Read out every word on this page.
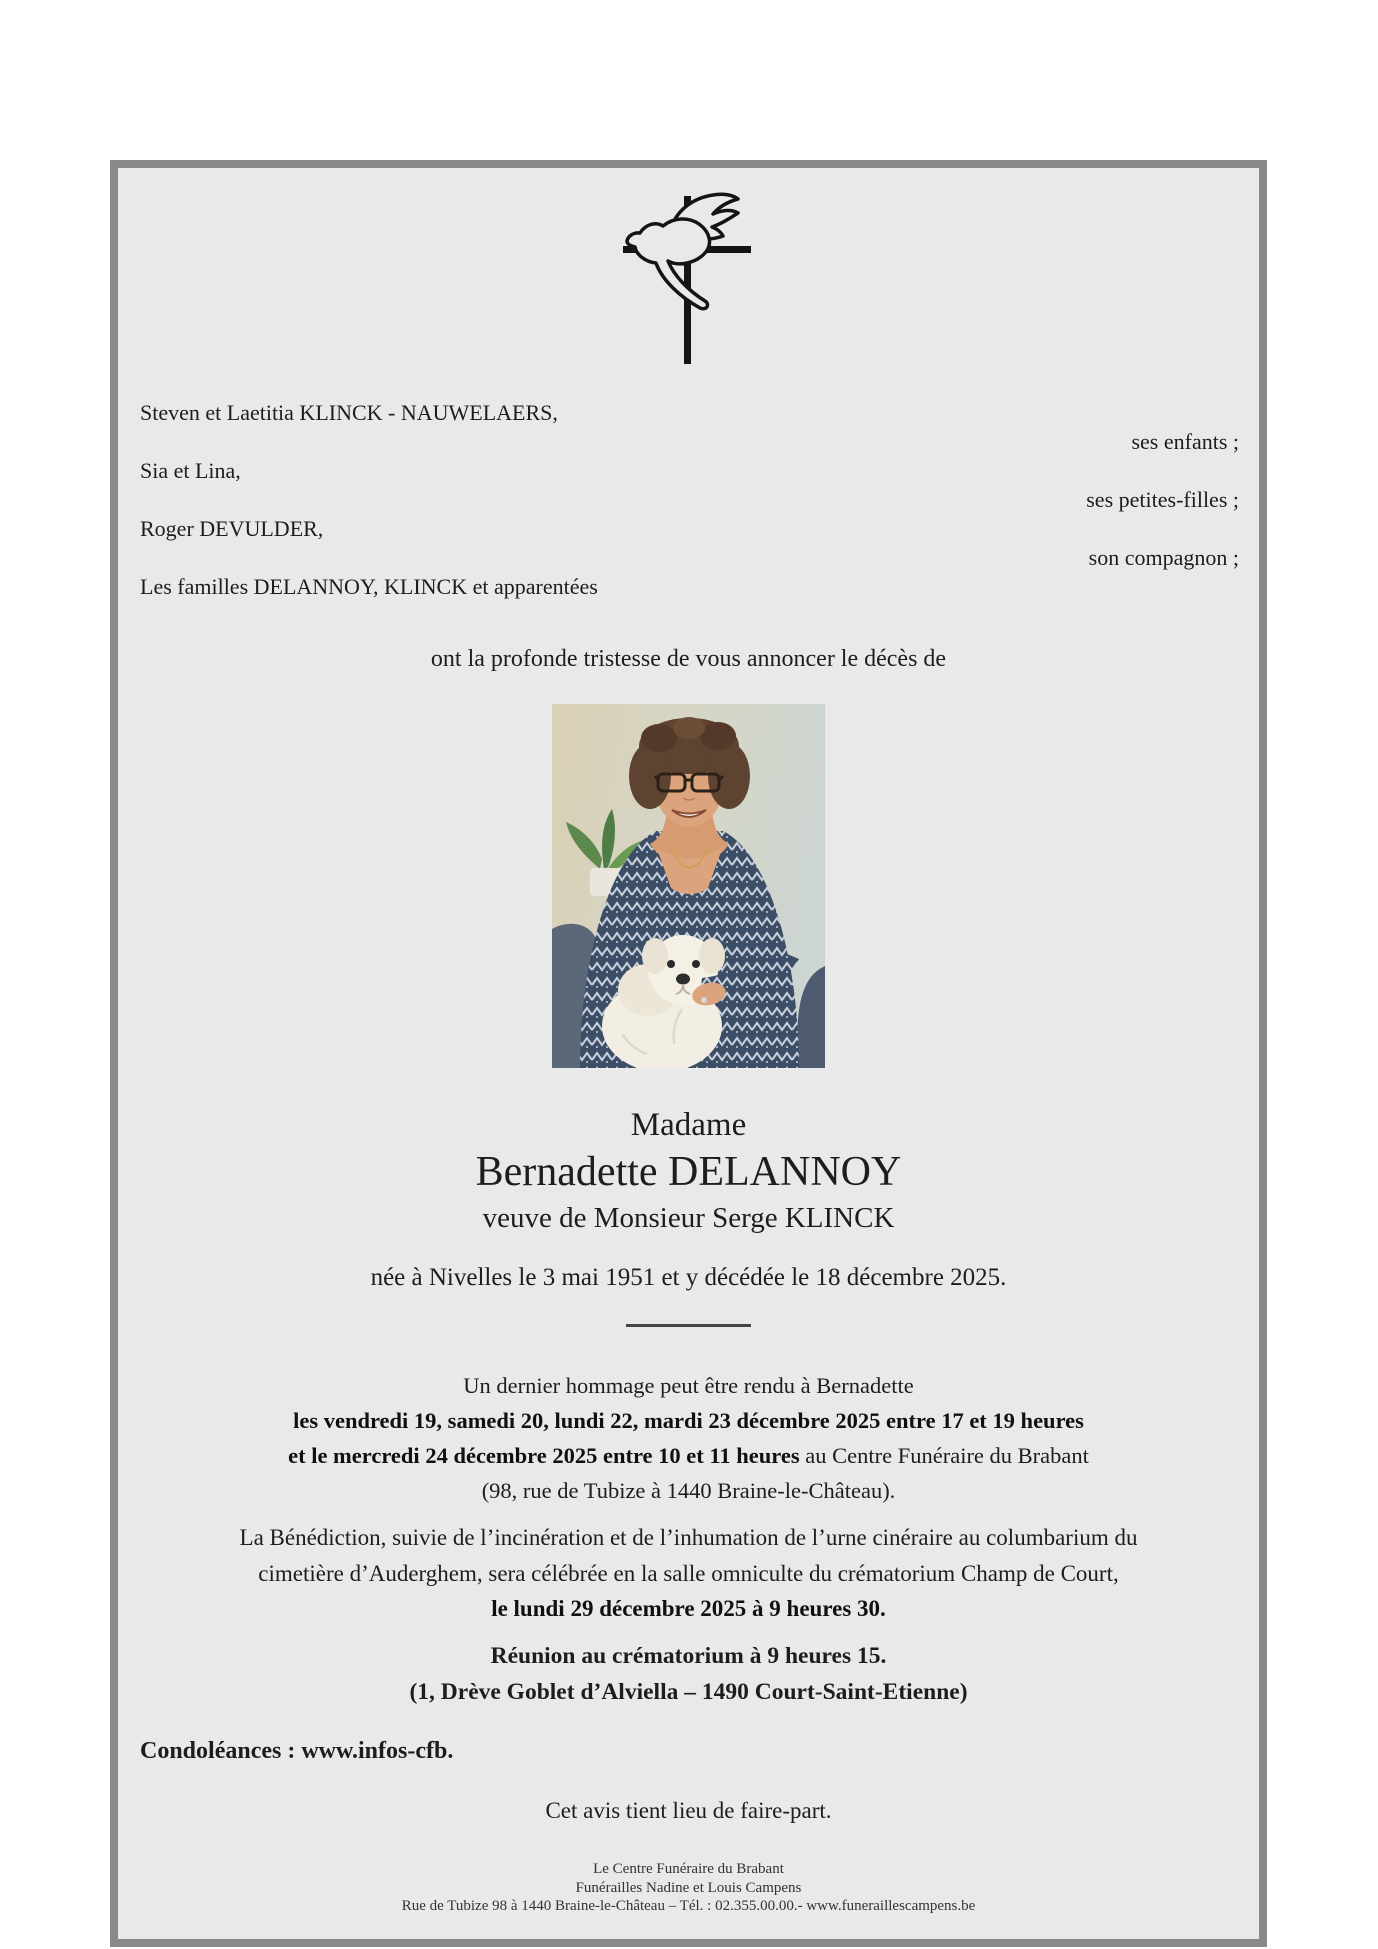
Steven et Laetitia KLINCK - NAUWELAERS,
ses enfants ;
Sia et Lina,
ses petites-filles ;
Roger DEVULDER,
son compagnon ;
Les familles DELANNOY, KLINCK et apparentées
ont la profonde tristesse de vous annoncer le décès de
Madame
Bernadette DELANNOY
veuve de Monsieur Serge KLINCK
née à Nivelles le 3 mai 1951 et y décédée le 18 décembre 2025.
Un dernier hommage peut être rendu à Bernadette
les vendredi 19, samedi 20, lundi 22, mardi 23 décembre 2025 entre 17 et 19 heures
et le mercredi 24 décembre 2025 entre 10 et 11 heures au Centre Funéraire du Brabant
(98, rue de Tubize à 1440 Braine-le-Château).
La Bénédiction, suivie de l’incinération et de l’inhumation de l’urne cinéraire au columbarium du
cimetière d’Auderghem, sera célébrée en la salle omniculte du crématorium Champ de Court,
le lundi 29 décembre 2025 à 9 heures 30.
Réunion au crématorium à 9 heures 15.
(1, Drève Goblet d’Alviella – 1490 Court-Saint-Etienne)
Condoléances : www.infos-cfb.
Cet avis tient lieu de faire-part.
Le Centre Funéraire du Brabant
Funérailles Nadine et Louis Campens
Rue de Tubize 98 à 1440 Braine-le-Château – Tél. : 02.355.00.00.- www.funeraillescampens.be
